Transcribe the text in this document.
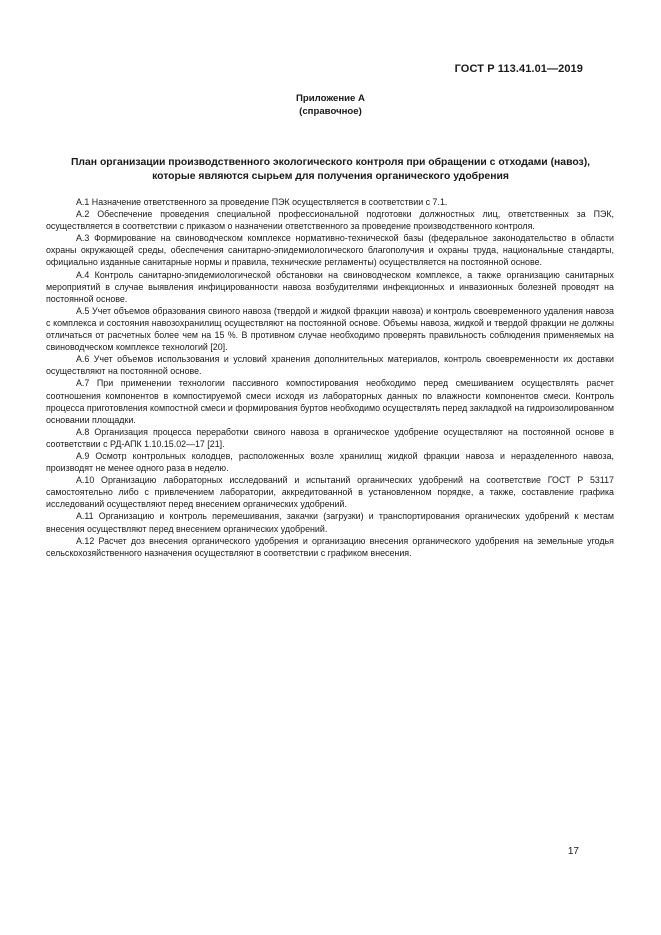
ГОСТ Р 113.41.01—2019
Приложение А
(справочное)
План организации производственного экологического контроля при обращении с отходами (навоз), которые являются сырьем для получения органического удобрения

А.1 Назначение ответственного за проведение ПЭК осуществляется в соответствии с 7.1.

А.2 Обеспечение проведения специальной профессиональной подготовки должностных лиц, ответственных за ПЭК, осуществляется в соответствии с приказом о назначении ответственного за проведение производственного контроля.

А.3 Формирование на свиноводческом комплексе нормативно-технической базы (федеральное законодательство в области охраны окружающей среды, обеспечения санитарно-эпидемиологического благополучия и охраны труда, национальные стандарты, официально изданные санитарные нормы и правила, технические регламенты) осуществляется на постоянной основе.

А.4 Контроль санитарно-эпидемиологической обстановки на свиноводческом комплексе, а также организацию санитарных мероприятий в случае выявления инфицированности навоза возбудителями инфекционных и инвазионных болезней проводят на постоянной основе.

А.5 Учет объемов образования свиного навоза (твердой и жидкой фракции навоза) и контроль своевременного удаления навоза с комплекса и состояния навозохранилищ осуществляют на постоянной основе. Объемы навоза, жидкой и твердой фракции не должны отличаться от расчетных более чем на 15 %. В противном случае необходимо проверять правильность соблюдения применяемых на свиноводческом комплексе технологий [20].

А.6 Учет объемов использования и условий хранения дополнительных материалов, контроль своевременности их доставки осуществляют на постоянной основе.

А.7 При применении технологии пассивного компостирования необходимо перед смешиванием осуществлять расчет соотношения компонентов в компостируемой смеси исходя из лабораторных данных по влажности компонентов смеси. Контроль процесса приготовления компостной смеси и формирования буртов необходимо осуществлять перед закладкой на гидроизолированном основании площадки.

А.8 Организация процесса переработки свиного навоза в органическое удобрение осуществляют на постоянной основе в соответствии с РД-АПК 1.10.15.02—17 [21].

А.9 Осмотр контрольных колодцев, расположенных возле хранилищ жидкой фракции навоза и неразделенного навоза, производят не менее одного раза в неделю.

А.10 Организацию лабораторных исследований и испытаний органических удобрений на соответствие ГОСТ Р 53117 самостоятельно либо с привлечением лаборатории, аккредитованной в установленном порядке, а также, составление графика исследований осуществляют перед внесением органических удобрений.

А.11 Организацию и контроль перемешивания, закачки (загрузки) и транспортирования органических удобрений к местам внесения осуществляют перед внесением органических удобрений.

А.12 Расчет доз внесения органического удобрения и организацию внесения органического удобрения на земельные угодья сельскохозяйственного назначения осуществляют в соответствии с графиком внесения.

17
